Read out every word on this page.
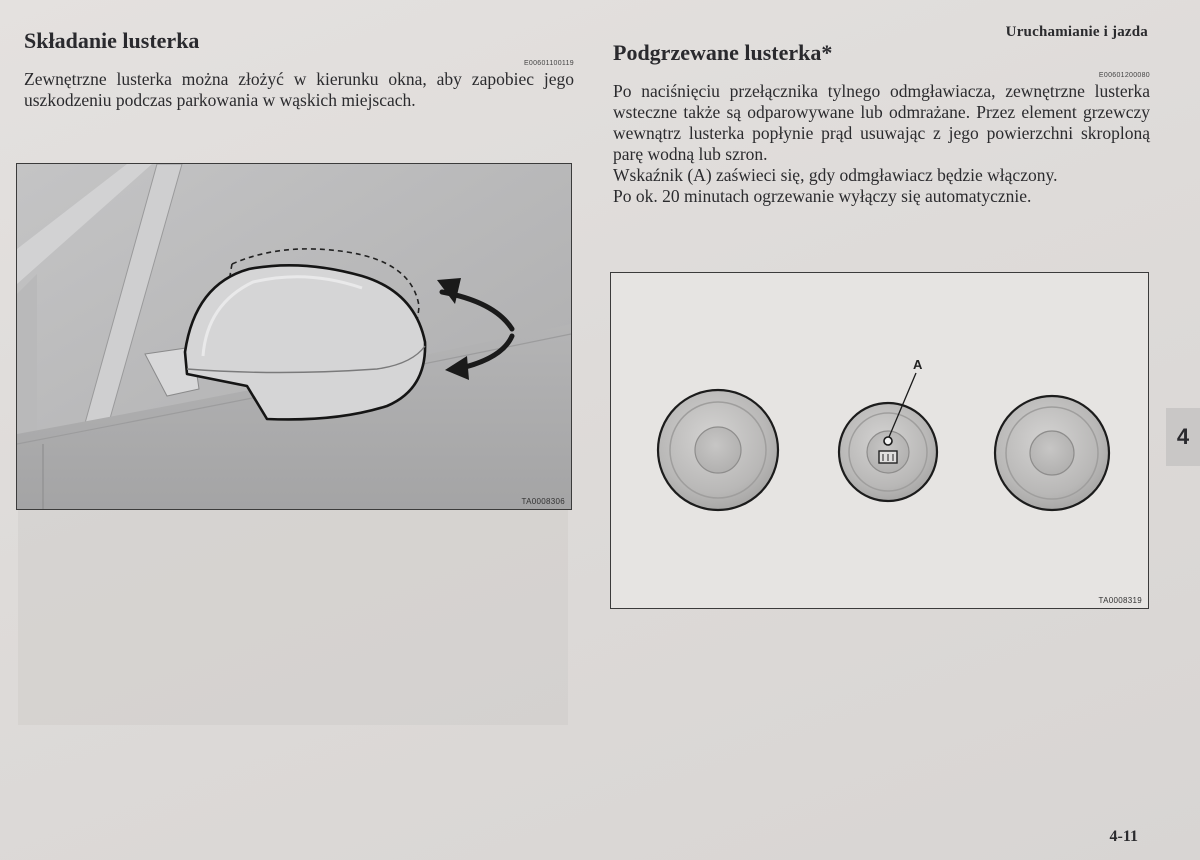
Uruchamianie i jazda
Składanie lusterka
E00601100119

Zewnętrzne lusterka można złożyć w kierunku okna, aby zapobiec jego uszkodzeniu podczas parkowania w wąskich miejscach.

TA0008306
Podgrzewane lusterka*
E00601200080

Po naciśnięciu przełącznika tylnego odmgławiacza, zewnętrzne lusterka wsteczne także są odparowywane lub odmrażane. Przez element grzewczy wewnątrz lusterka popłynie prąd usuwając z jego powierzchni skroploną parę wodną lub szron.

Wskaźnik (A) zaświeci się, gdy odmgławiacz będzie włączony.

Po ok. 20 minutach ogrzewanie wyłączy się automatycznie.

A
TA0008319
4
4-11
